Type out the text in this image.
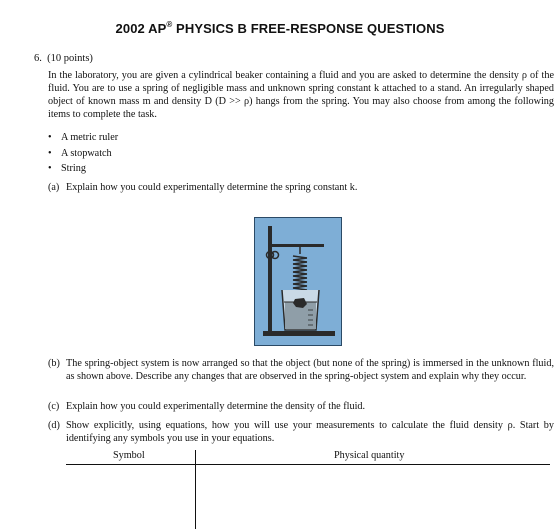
2002 AP® PHYSICS B FREE-RESPONSE QUESTIONS
6. (10 points)
In the laboratory, you are given a cylindrical beaker containing a fluid and you are asked to determine the density ρ of the fluid. You are to use a spring of negligible mass and unknown spring constant k attached to a stand. An irregularly shaped object of known mass m and density D (D >> ρ) hangs from the spring. You may also choose from among the following items to complete the task.
• A metric ruler
• A stopwatch
• String
(a) Explain how you could experimentally determine the spring constant k.
(b) The spring-object system is now arranged so that the object (but none of the spring) is immersed in the unknown fluid, as shown above. Describe any changes that are observed in the spring-object system and explain why they occur.
(c) Explain how you could experimentally determine the density of the fluid.
(d) Show explicitly, using equations, how you will use your measurements to calculate the fluid density ρ. Start by identifying any symbols you use in your equations.
Symbol	Physical quantity
